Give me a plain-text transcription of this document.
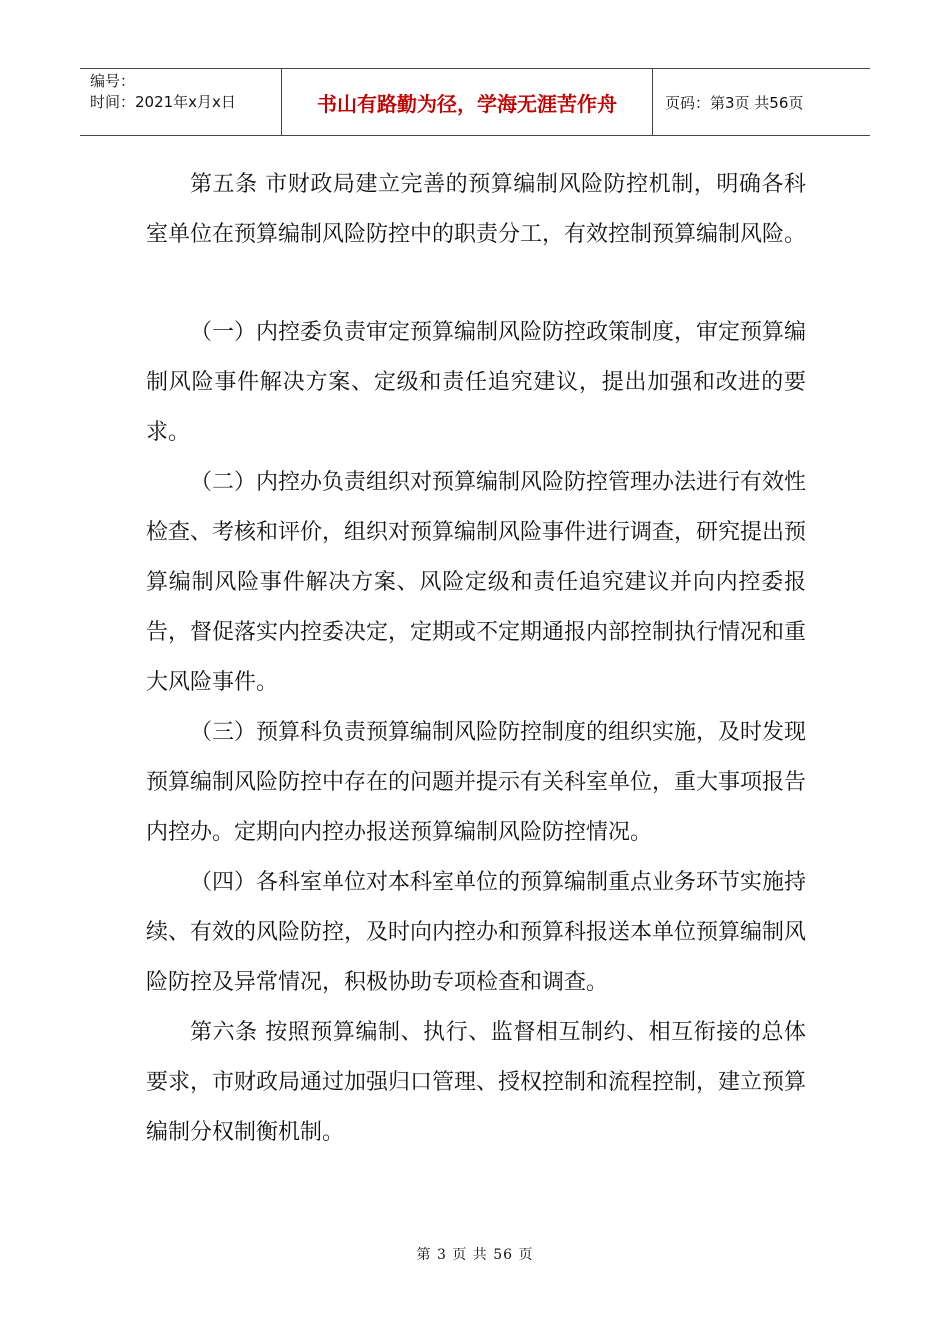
编号：
时间：2021年x月x日	书山有路勤为径，学海无涯苦作舟	页码：第3页 共56页

第五条 市财政局建立完善的预算编制风险防控机制，明确各科室单位在预算编制风险防控中的职责分工，有效控制预算编制风险。

（一）内控委负责审定预算编制风险防控政策制度，审定预算编制风险事件解决方案、定级和责任追究建议，提出加强和改进的要求。

（二）内控办负责组织对预算编制风险防控管理办法进行有效性检查、考核和评价，组织对预算编制风险事件进行调查，研究提出预算编制风险事件解决方案、风险定级和责任追究建议并向内控委报告，督促落实内控委决定，定期或不定期通报内部控制执行情况和重大风险事件。

（三）预算科负责预算编制风险防控制度的组织实施，及时发现预算编制风险防控中存在的问题并提示有关科室单位，重大事项报告内控办。定期向内控办报送预算编制风险防控情况。

（四）各科室单位对本科室单位的预算编制重点业务环节实施持续、有效的风险防控，及时向内控办和预算科报送本单位预算编制风险防控及异常情况，积极协助专项检查和调查。

第六条 按照预算编制、执行、监督相互制约、相互衔接的总体要求，市财政局通过加强归口管理、授权控制和流程控制，建立预算编制分权制衡机制。

第 3 页 共 56 页
